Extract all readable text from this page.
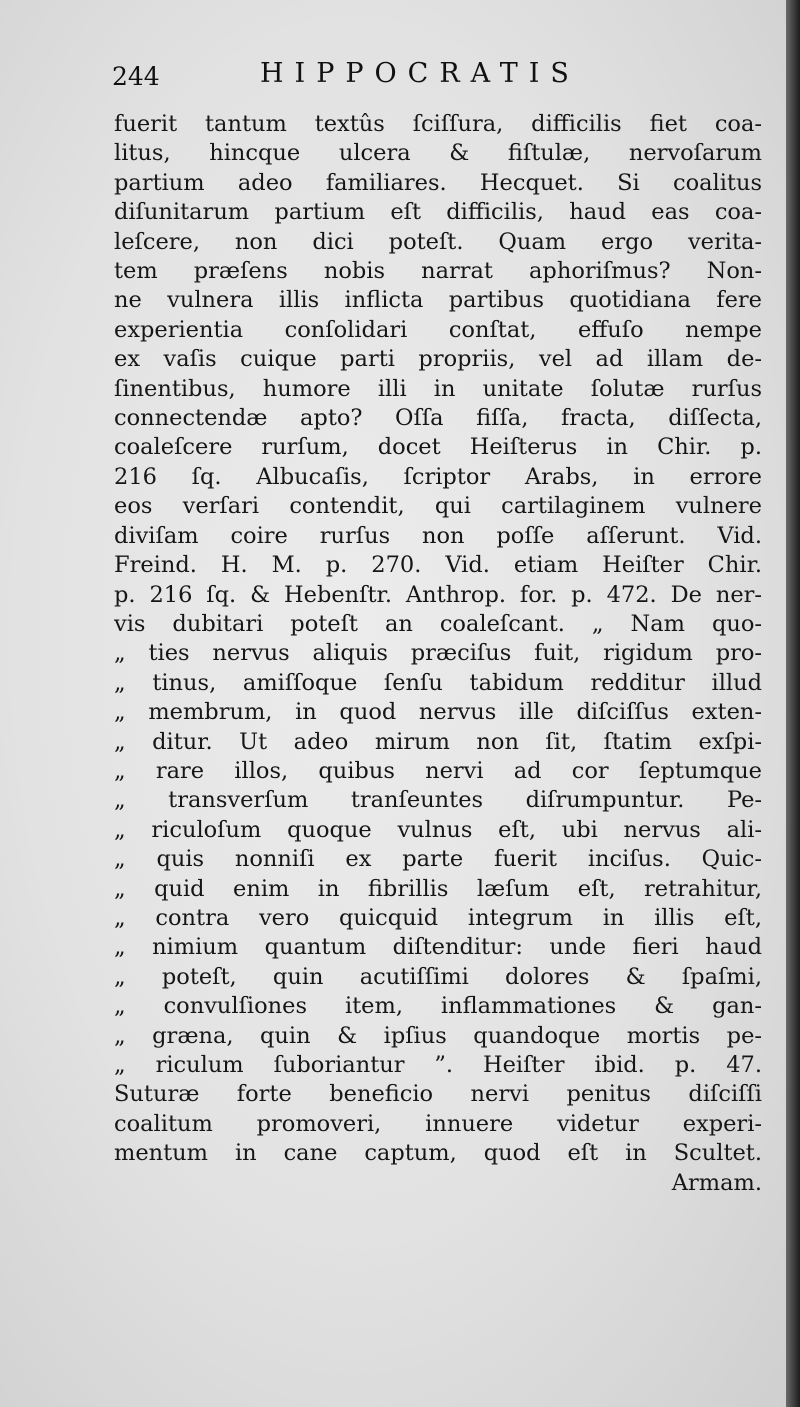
244	HIPPOCRATIS
fuerit tantum textûs ſciſſura, difficilis fiet coa-
litus, hincque ulcera & fiſtulæ, nervoſarum
partium adeo familiares. Hecquet. Si coalitus
diſunitarum partium eſt difficilis, haud eas coa-
leſcere, non dici poteſt. Quam ergo verita-
tem præſens nobis narrat aphoriſmus? Non-
ne vulnera illis inflicta partibus quotidiana fere
experientia conſolidari conſtat, effuſo nempe
ex vaſis cuique parti propriis, vel ad illam de-
ſinentibus, humore illi in unitate ſolutæ rurſus
connectendæ apto? Oſſa fiſſa, fracta, diſſecta,
coaleſcere rurſum, docet Heiſterus in Chir. p.
216 ſq. Albucaſis, ſcriptor Arabs, in errore
eos verſari contendit, qui cartilaginem vulnere
diviſam coire rurſus non poſſe aſſerunt. Vid.
Freind. H. M. p. 270. Vid. etiam Heiſter Chir.
p. 216 ſq. & Hebenſtr. Anthrop. for. p. 472. De ner-
vis dubitari poteſt an coaleſcant. „ Nam quo-
„ ties nervus aliquis præciſus fuit, rigidum pro-
„ tinus, amiſſoque ſenſu tabidum redditur illud
„ membrum, in quod nervus ille diſciſſus exten-
„ ditur. Ut adeo mirum non ſit, ſtatim exſpi-
„ rare illos, quibus nervi ad cor ſeptumque
„ transverſum tranſeuntes diſrumpuntur. Pe-
„ riculoſum quoque vulnus eſt, ubi nervus ali-
„ quis nonniſi ex parte fuerit inciſus. Quic-
„ quid enim in fibrillis læſum eſt, retrahitur,
„ contra vero quicquid integrum in illis eſt,
„ nimium quantum diſtenditur: unde fieri haud
„ poteſt, quin acutiſſimi dolores & ſpaſmi,
„ convulſiones item, inflammationes & gan-
„ græna, quin & ipſius quandoque mortis pe-
„ riculum ſuboriantur ”. Heiſter ibid. p. 47.
Suturæ forte beneficio nervi penitus diſciſſi
coalitum promoveri, innuere videtur experi-
mentum in cane captum, quod eſt in Scultet.
Armam.
